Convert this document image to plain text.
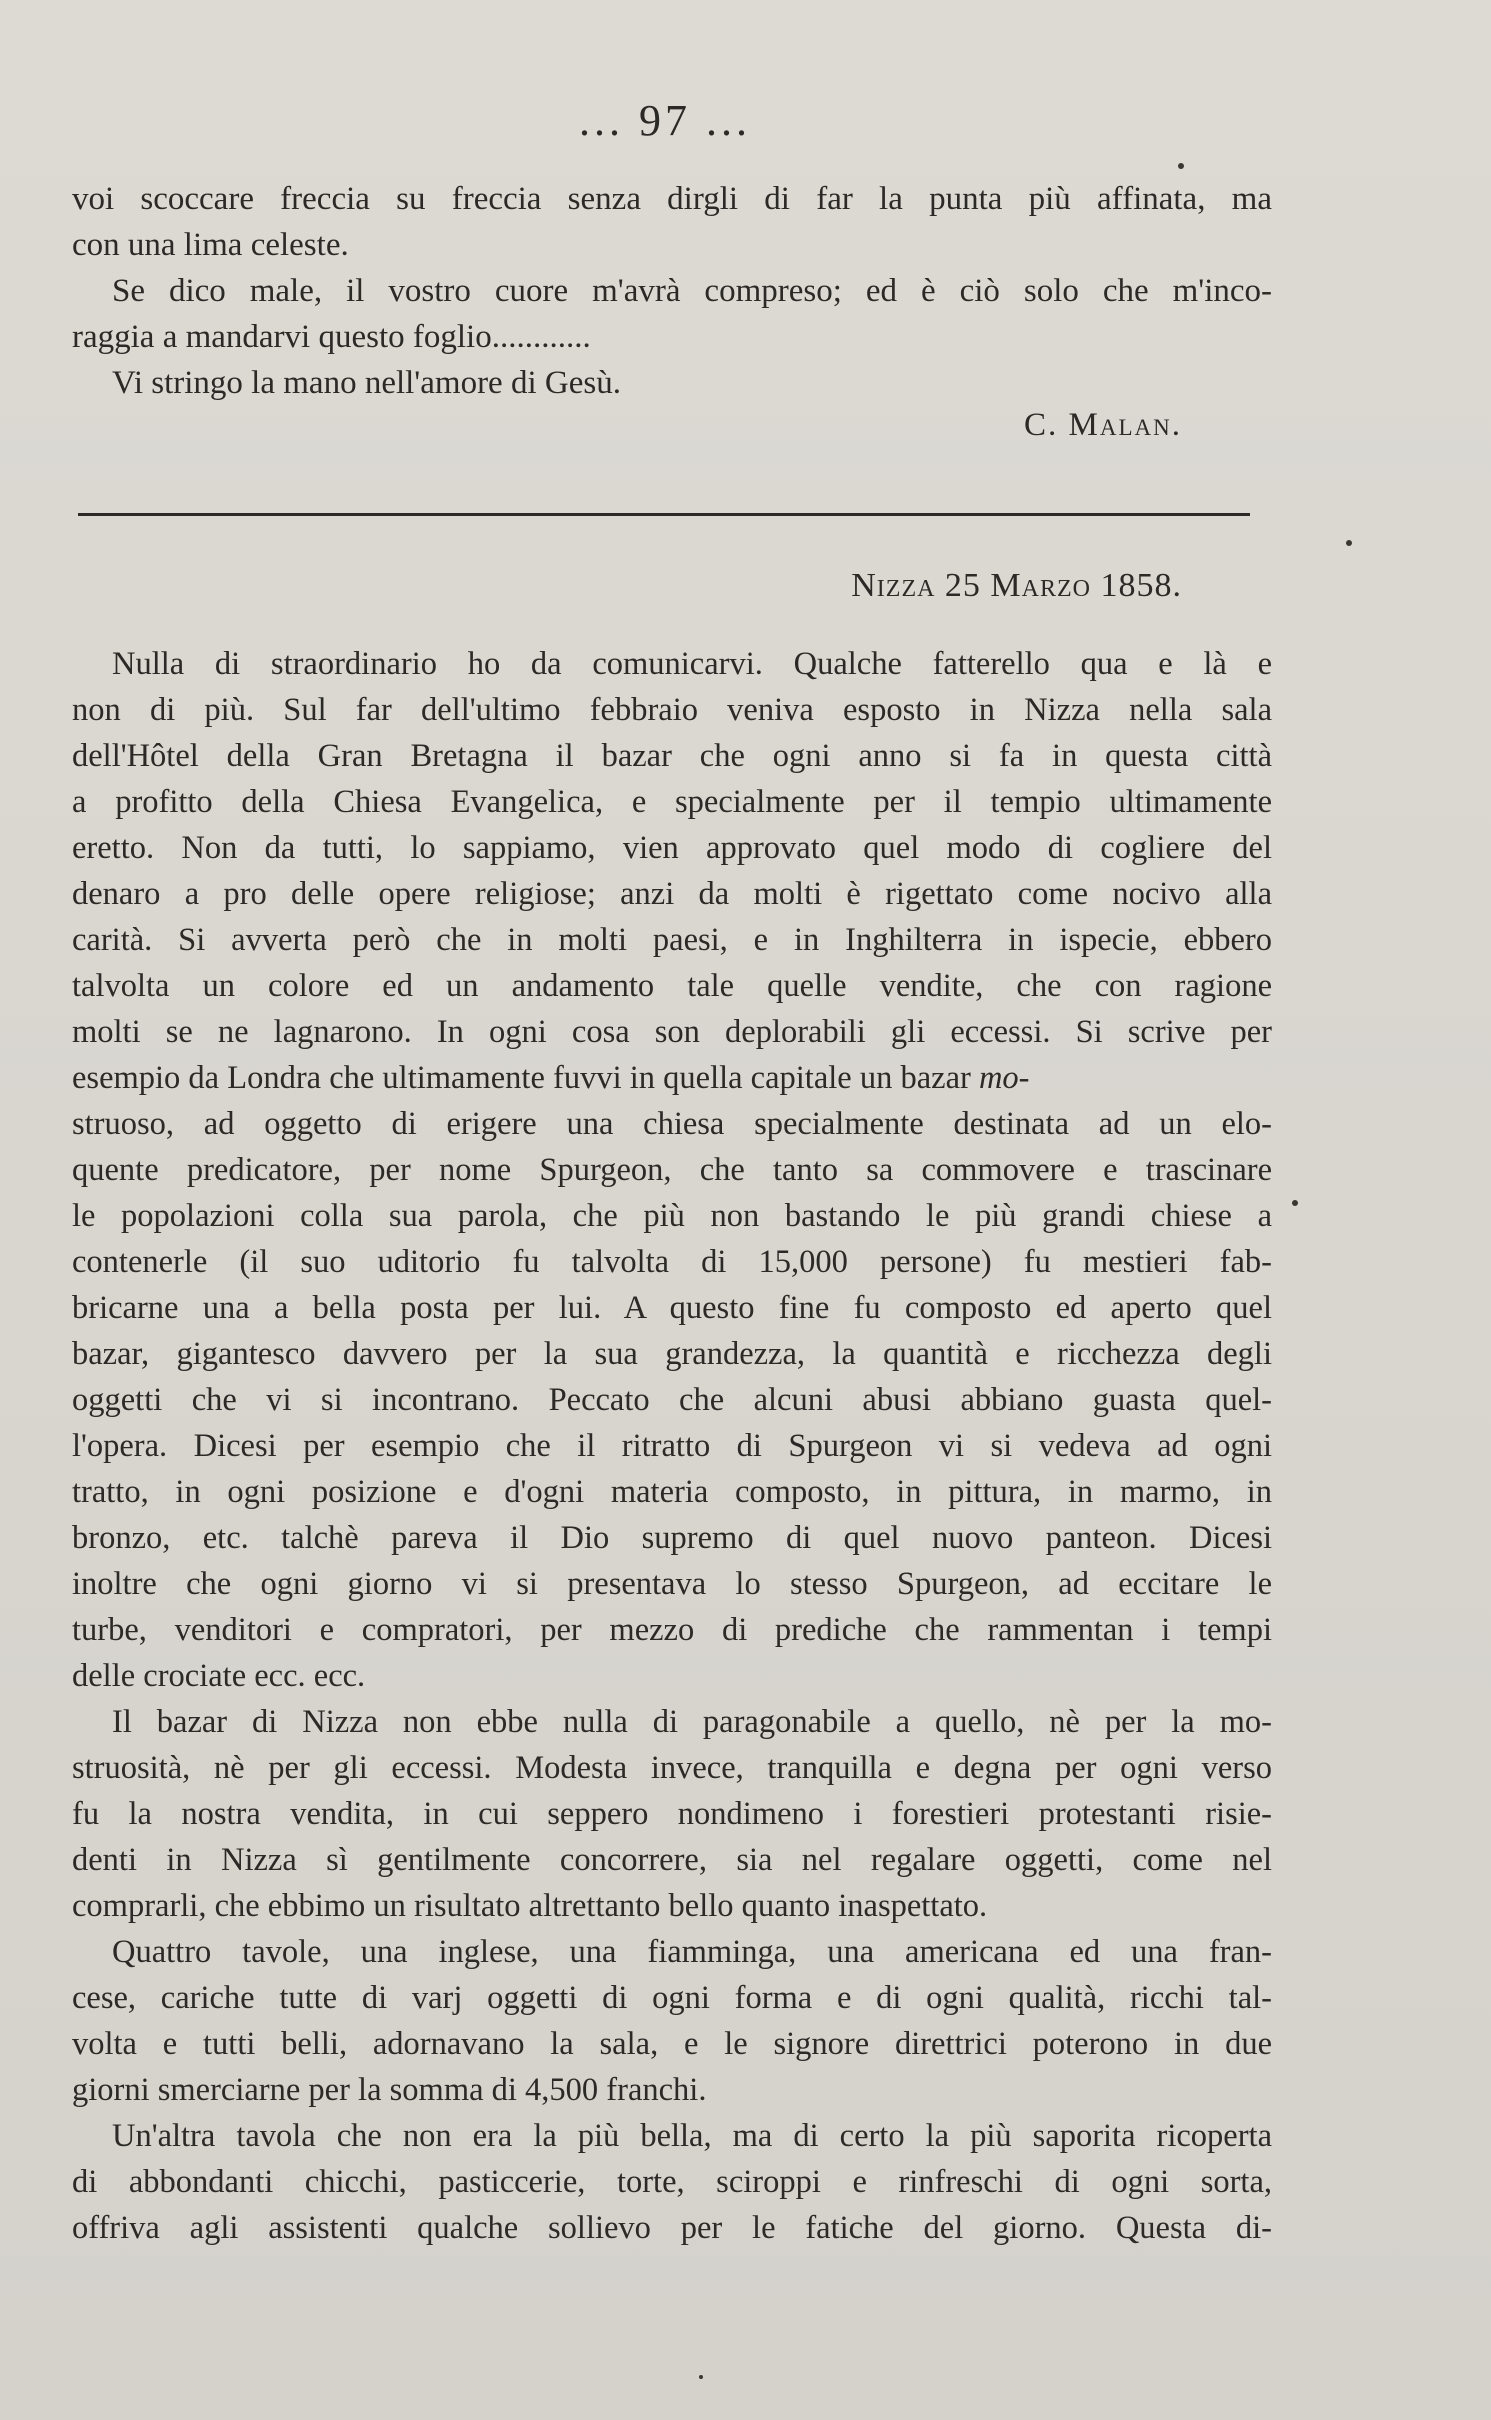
... 97 ...
voi scoccare freccia su freccia senza dirgli di far la punta più affinata, ma
con una lima celeste.
Se dico male, il vostro cuore m'avrà compreso; ed è ciò solo che m'inco-
raggia a mandarvi questo foglio............
Vi stringo la mano nell'amore di Gesù.
C. Malan.
Nizza 25 Marzo 1858.
Nulla di straordinario ho da comunicarvi. Qualche fatterello qua e là e
non di più. Sul far dell'ultimo febbraio veniva esposto in Nizza nella sala
dell'Hôtel della Gran Bretagna il bazar che ogni anno si fa in questa città
a profitto della Chiesa Evangelica, e specialmente per il tempio ultimamente
eretto. Non da tutti, lo sappiamo, vien approvato quel modo di cogliere del
denaro a pro delle opere religiose; anzi da molti è rigettato come nocivo alla
carità. Si avverta però che in molti paesi, e in Inghilterra in ispecie, ebbero
talvolta un colore ed un andamento tale quelle vendite, che con ragione
molti se ne lagnarono. In ogni cosa son deplorabili gli eccessi. Si scrive per
esempio da Londra che ultimamente fuvvi in quella capitale un bazar mo-
struoso, ad oggetto di erigere una chiesa specialmente destinata ad un elo-
quente predicatore, per nome Spurgeon, che tanto sa commovere e trascinare
le popolazioni colla sua parola, che più non bastando le più grandi chiese a
contenerle (il suo uditorio fu talvolta di 15,000 persone) fu mestieri fab-
bricarne una a bella posta per lui. A questo fine fu composto ed aperto quel
bazar, gigantesco davvero per la sua grandezza, la quantità e ricchezza degli
oggetti che vi si incontrano. Peccato che alcuni abusi abbiano guasta quel-
l'opera. Dicesi per esempio che il ritratto di Spurgeon vi si vedeva ad ogni
tratto, in ogni posizione e d'ogni materia composto, in pittura, in marmo, in
bronzo, etc. talchè pareva il Dio supremo di quel nuovo panteon. Dicesi
inoltre che ogni giorno vi si presentava lo stesso Spurgeon, ad eccitare le
turbe, venditori e compratori, per mezzo di prediche che rammentan i tempi
delle crociate ecc. ecc.
Il bazar di Nizza non ebbe nulla di paragonabile a quello, nè per la mo-
struosità, nè per gli eccessi. Modesta invece, tranquilla e degna per ogni verso
fu la nostra vendita, in cui seppero nondimeno i forestieri protestanti risie-
denti in Nizza sì gentilmente concorrere, sia nel regalare oggetti, come nel
comprarli, che ebbimo un risultato altrettanto bello quanto inaspettato.
Quattro tavole, una inglese, una fiamminga, una americana ed una fran-
cese, cariche tutte di varj oggetti di ogni forma e di ogni qualità, ricchi tal-
volta e tutti belli, adornavano la sala, e le signore direttrici poterono in due
giorni smerciarne per la somma di 4,500 franchi.
Un'altra tavola che non era la più bella, ma di certo la più saporita ricoperta
di abbondanti chicchi, pasticcerie, torte, sciroppi e rinfreschi di ogni sorta,
offriva agli assistenti qualche sollievo per le fatiche del giorno. Questa di-
